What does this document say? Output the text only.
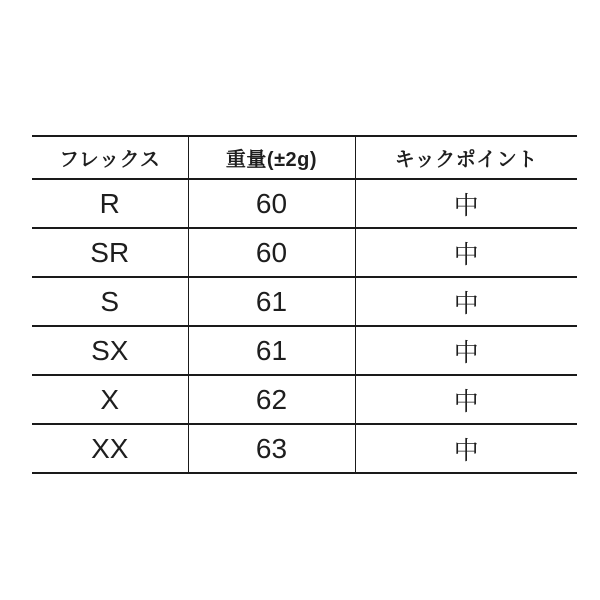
フレックス	重量(±2g)	キックポイント
R	60	中
SR	60	中
S	61	中
SX	61	中
X	62	中
XX	63	中
